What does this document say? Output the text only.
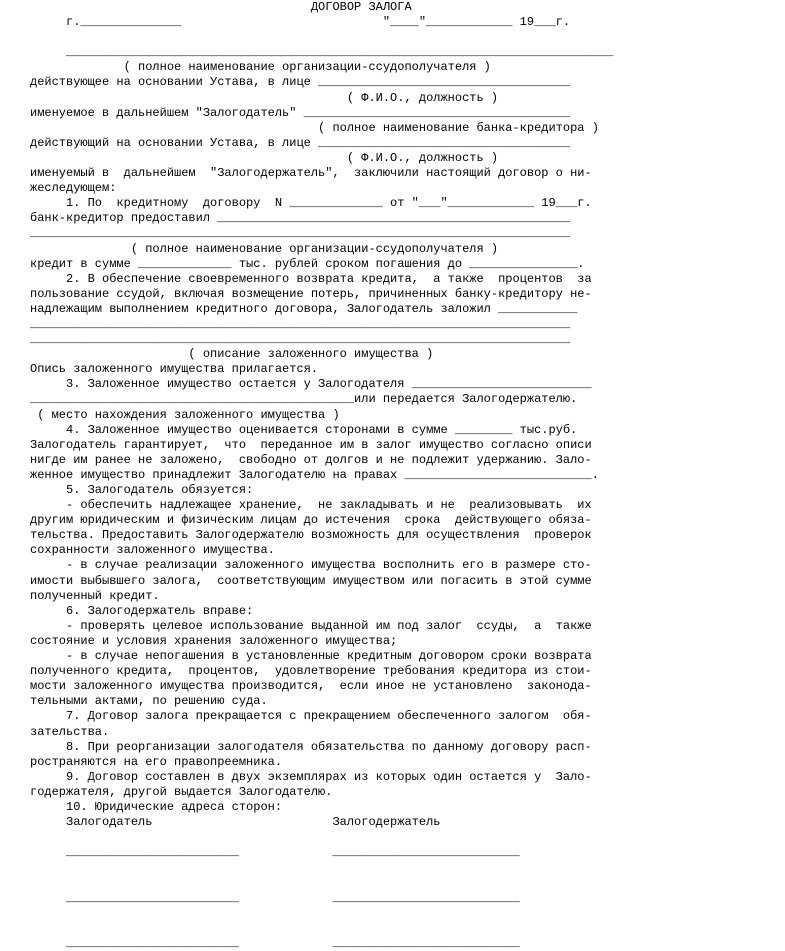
ДОГОВОР ЗАЛОГА
г.______________                            "____"____________ 19___г.
____________________________________________________________________________
( полное наименование организации-ссудополучателя )
действующее на основании Устава, в лице ___________________________________
( Ф.И.О., должность )
именуемое в дальнейшем "Залогодатель" _____________________________________
( полное наименование банка-кредитора )
действующий на основании Устава, в лице ___________________________________
( Ф.И.О., должность )
именуемый в  дальнейшем  "Залогодержатель",  заключили настоящий договор о ни-
жеследующем:
1. По  кредитному  договору  N _____________ от "___"____________ 19___г.
банк-кредитор предоставил _________________________________________________
___________________________________________________________________________
( полное наименование организации-ссудополучателя )
кредит в сумме _____________ тыс. рублей сроком погашения до _______________.
2. В обеспечение своевременного возврата кредита,  а также  процентов  за
пользование ссудой, включая возмещение потерь, причиненных банку-кредитору не-
надлежащим выполнением кредитного договора, Залогодатель заложил ___________
___________________________________________________________________________
___________________________________________________________________________
( описание заложенного имущества )
Опись заложенного имущества прилагается.
3. Заложенное имущество остается у Залогодателя _________________________
_____________________________________________или передается Залогодержателю.
( место нахождения заложенного имущества )
4. Заложенное имущество оценивается сторонами в сумме ________ тыс.руб.
Залогодатель гарантирует,  что  переданное им в залог имущество согласно описи
нигде им ранее не заложено,  свободно от долгов и не подлежит удержанию. Зало-
женное имущество принадлежит Залогодателю на правах __________________________.
5. Залогодатель обязуется:
- обеспечить надлежащее хранение,  не закладывать и не  реализовывать  их
другим юридическим и физическим лицам до истечения  срока  действующего обяза-
тельства. Предоставить Залогодержателю возможность для осуществления  проверок
сохранности заложенного имущества.
- в случае реализации заложенного имущества восполнить его в размере сто-
имости выбывшего залога,  соответствующим имуществом или погасить в этой сумме
полученный кредит.
6. Залогодержатель вправе:
- проверять целевое использование выданной им под залог  ссуды,  а  также
состояние и условия хранения заложенного имущества;
- в случае непогашения в установленные кредитным договором сроки возврата
полученного кредита,  процентов,  удовлетворение требования кредитора из стои-
мости заложенного имущества производится,  если иное не установлено  законода-
тельными актами, по решению суда.
7. Договор залога прекращается с прекращением обеспеченного залогом  обя-
зательства.
8. При реорганизации залогодателя обязательства по данному договору расп-
ространяются на его правопреемника.
9. Договор составлен в двух экземплярах из которых один остается у  Зало-
годержателя, другой выдается Залогодателю.
10. Юридические адреса сторон:
Залогодатель                         Залогодержатель
________________________             __________________________
________________________             __________________________
________________________             __________________________
